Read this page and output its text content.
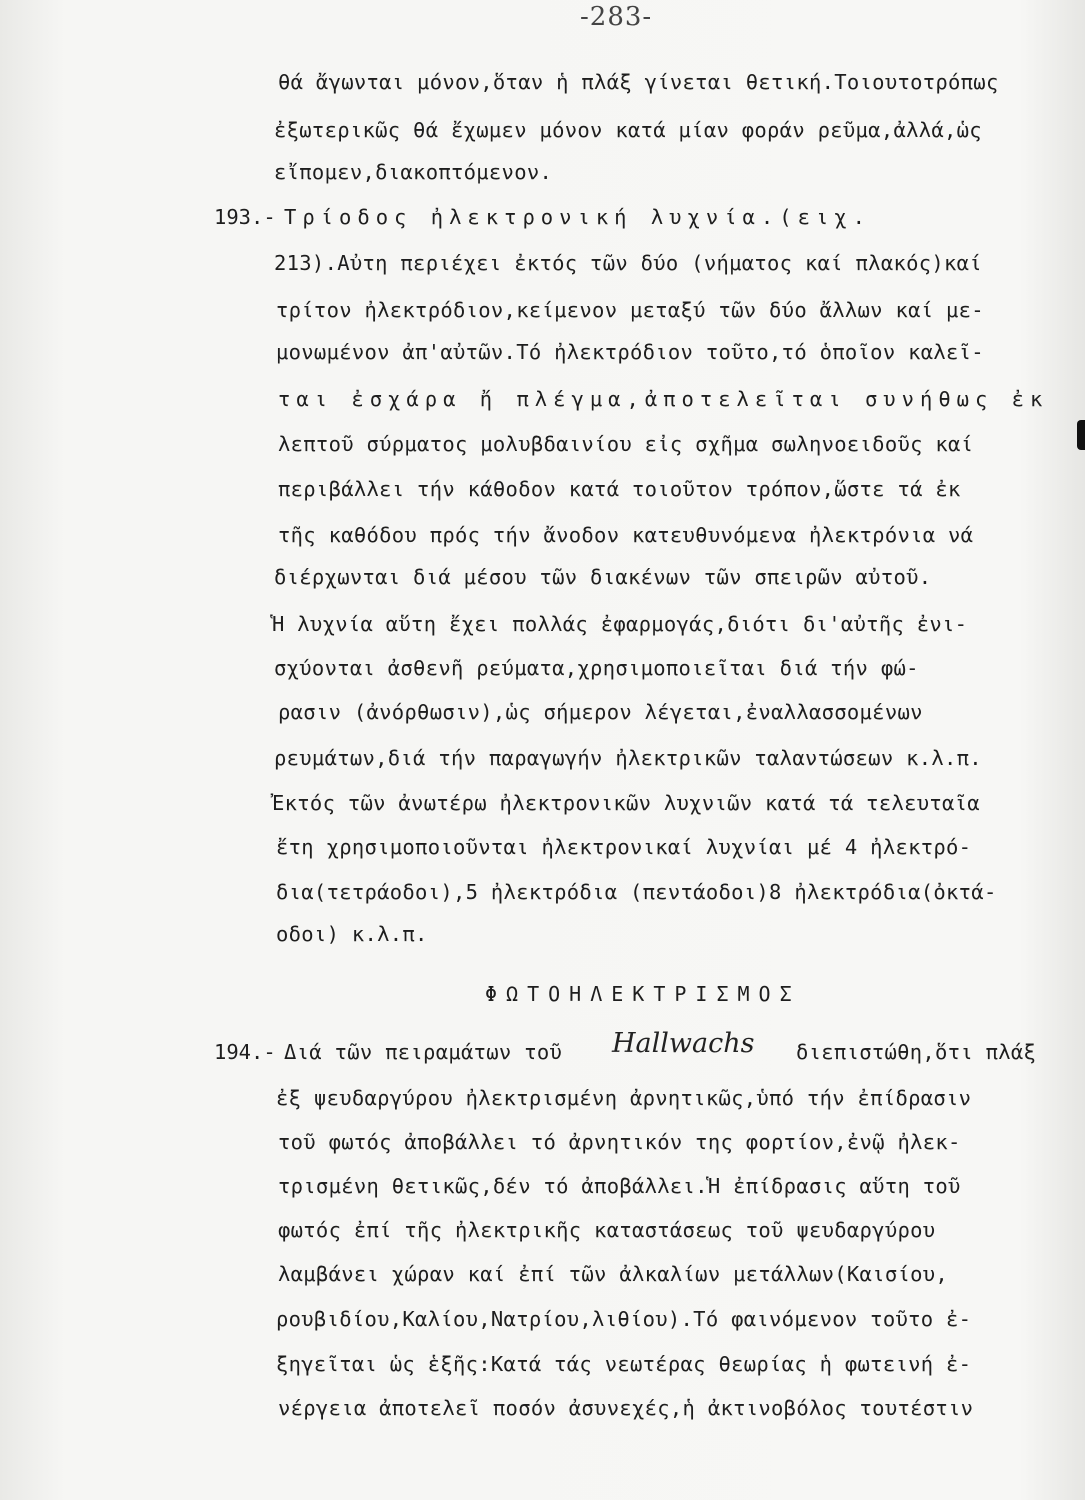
-283-
θά ἄγωνται μόνον,ὅταν ἡ πλάξ γίνεται θετική.Τοιουτοτρόπως
ἐξωτερικῶς θά ἔχωμεν μόνον κατά μίαν φοράν ρεῦμα,ἀλλά,ὡς
εἴπομεν,διακοπτόμενον.
193.- Τρίοδος ἠλεκτρονική λυχνία.(ειχ.
213).Αὐτη περιέχει ἐκτός τῶν δύο (νήματος καί πλακός)καί
τρίτον ἠλεκτρόδιον,κείμενον μεταξύ τῶν δύο ἄλλων καί με-
μονωμένον ἀπ'αὐτῶν.Τό ἠλεκτρόδιον τοῦτο,τό ὁποῖον καλεῖ-
ται ἐσχάρα ἤ πλέγμα,ἀποτελεῖται συνήθως ἐκ
λεπτοῦ σύρματος μολυβδαινίου εἰς σχῆμα σωληνοειδοῦς καί
περιβάλλει τήν κάθοδον κατά τοιοῦτον τρόπον,ὥστε τά ἐκ
τῆς καθόδου πρός τήν ἄνοδον κατευθυνόμενα ἠλεκτρόνια νά
διέρχωνται διά μέσου τῶν διακένων τῶν σπειρῶν αὐτοῦ.
Ἡ λυχνία αὕτη ἔχει πολλάς ἐφαρμογάς,διότι δι'αὐτῆς ἐνι-
σχύονται ἀσθενῆ ρεύματα,χρησιμοποιεῖται διά τήν φώ-
ρασιν (ἀνόρθωσιν),ὡς σήμερον λέγεται,ἐναλλασσομένων
ρευμάτων,διά τήν παραγωγήν ἠλεκτρικῶν ταλαντώσεων κ.λ.π.
Ἐκτός τῶν ἀνωτέρω ἠλεκτρονικῶν λυχνιῶν κατά τά τελευταῖα
ἔτη χρησιμοποιοῦνται ἠλεκτρονικαί λυχνίαι μέ 4 ἠλεκτρό-
δια(τετράοδοι),5 ἠλεκτρόδια (πεντάοδοι)8 ἠλεκτρόδια(ὀκτά-
οδοι) κ.λ.π.
ΦΩΤΟΗΛΕΚΤΡΙΣΜΟΣ
194.- Διά τῶν πειραμάτων τοῦ Hallwachs διεπιστώθη,ὅτι πλάξ
ἐξ ψευδαργύρου ἠλεκτρισμένη ἀρνητικῶς,ὑπό τήν ἐπίδρασιν
τοῦ φωτός ἀποβάλλει τό ἀρνητικόν της φορτίον,ἐνῷ ἠλεκ-
τρισμένη θετικῶς,δέν τό ἀποβάλλει.Ἡ ἐπίδρασις αὕτη τοῦ
φωτός ἐπί τῆς ἠλεκτρικῆς καταστάσεως τοῦ ψευδαργύρου
λαμβάνει χώραν καί ἐπί τῶν ἀλκαλίων μετάλλων(Καισίου,
ρουβιδίου,Καλίου,Νατρίου,λιθίου).Τό φαινόμενον τοῦτο ἐ-
ξηγεῖται ὡς ἑξῆς:Κατά τάς νεωτέρας θεωρίας ἡ φωτεινή ἐ-
νέργεια ἀποτελεῖ ποσόν ἀσυνεχές,ἡ ἀκτινοβόλος τουτέστιν
